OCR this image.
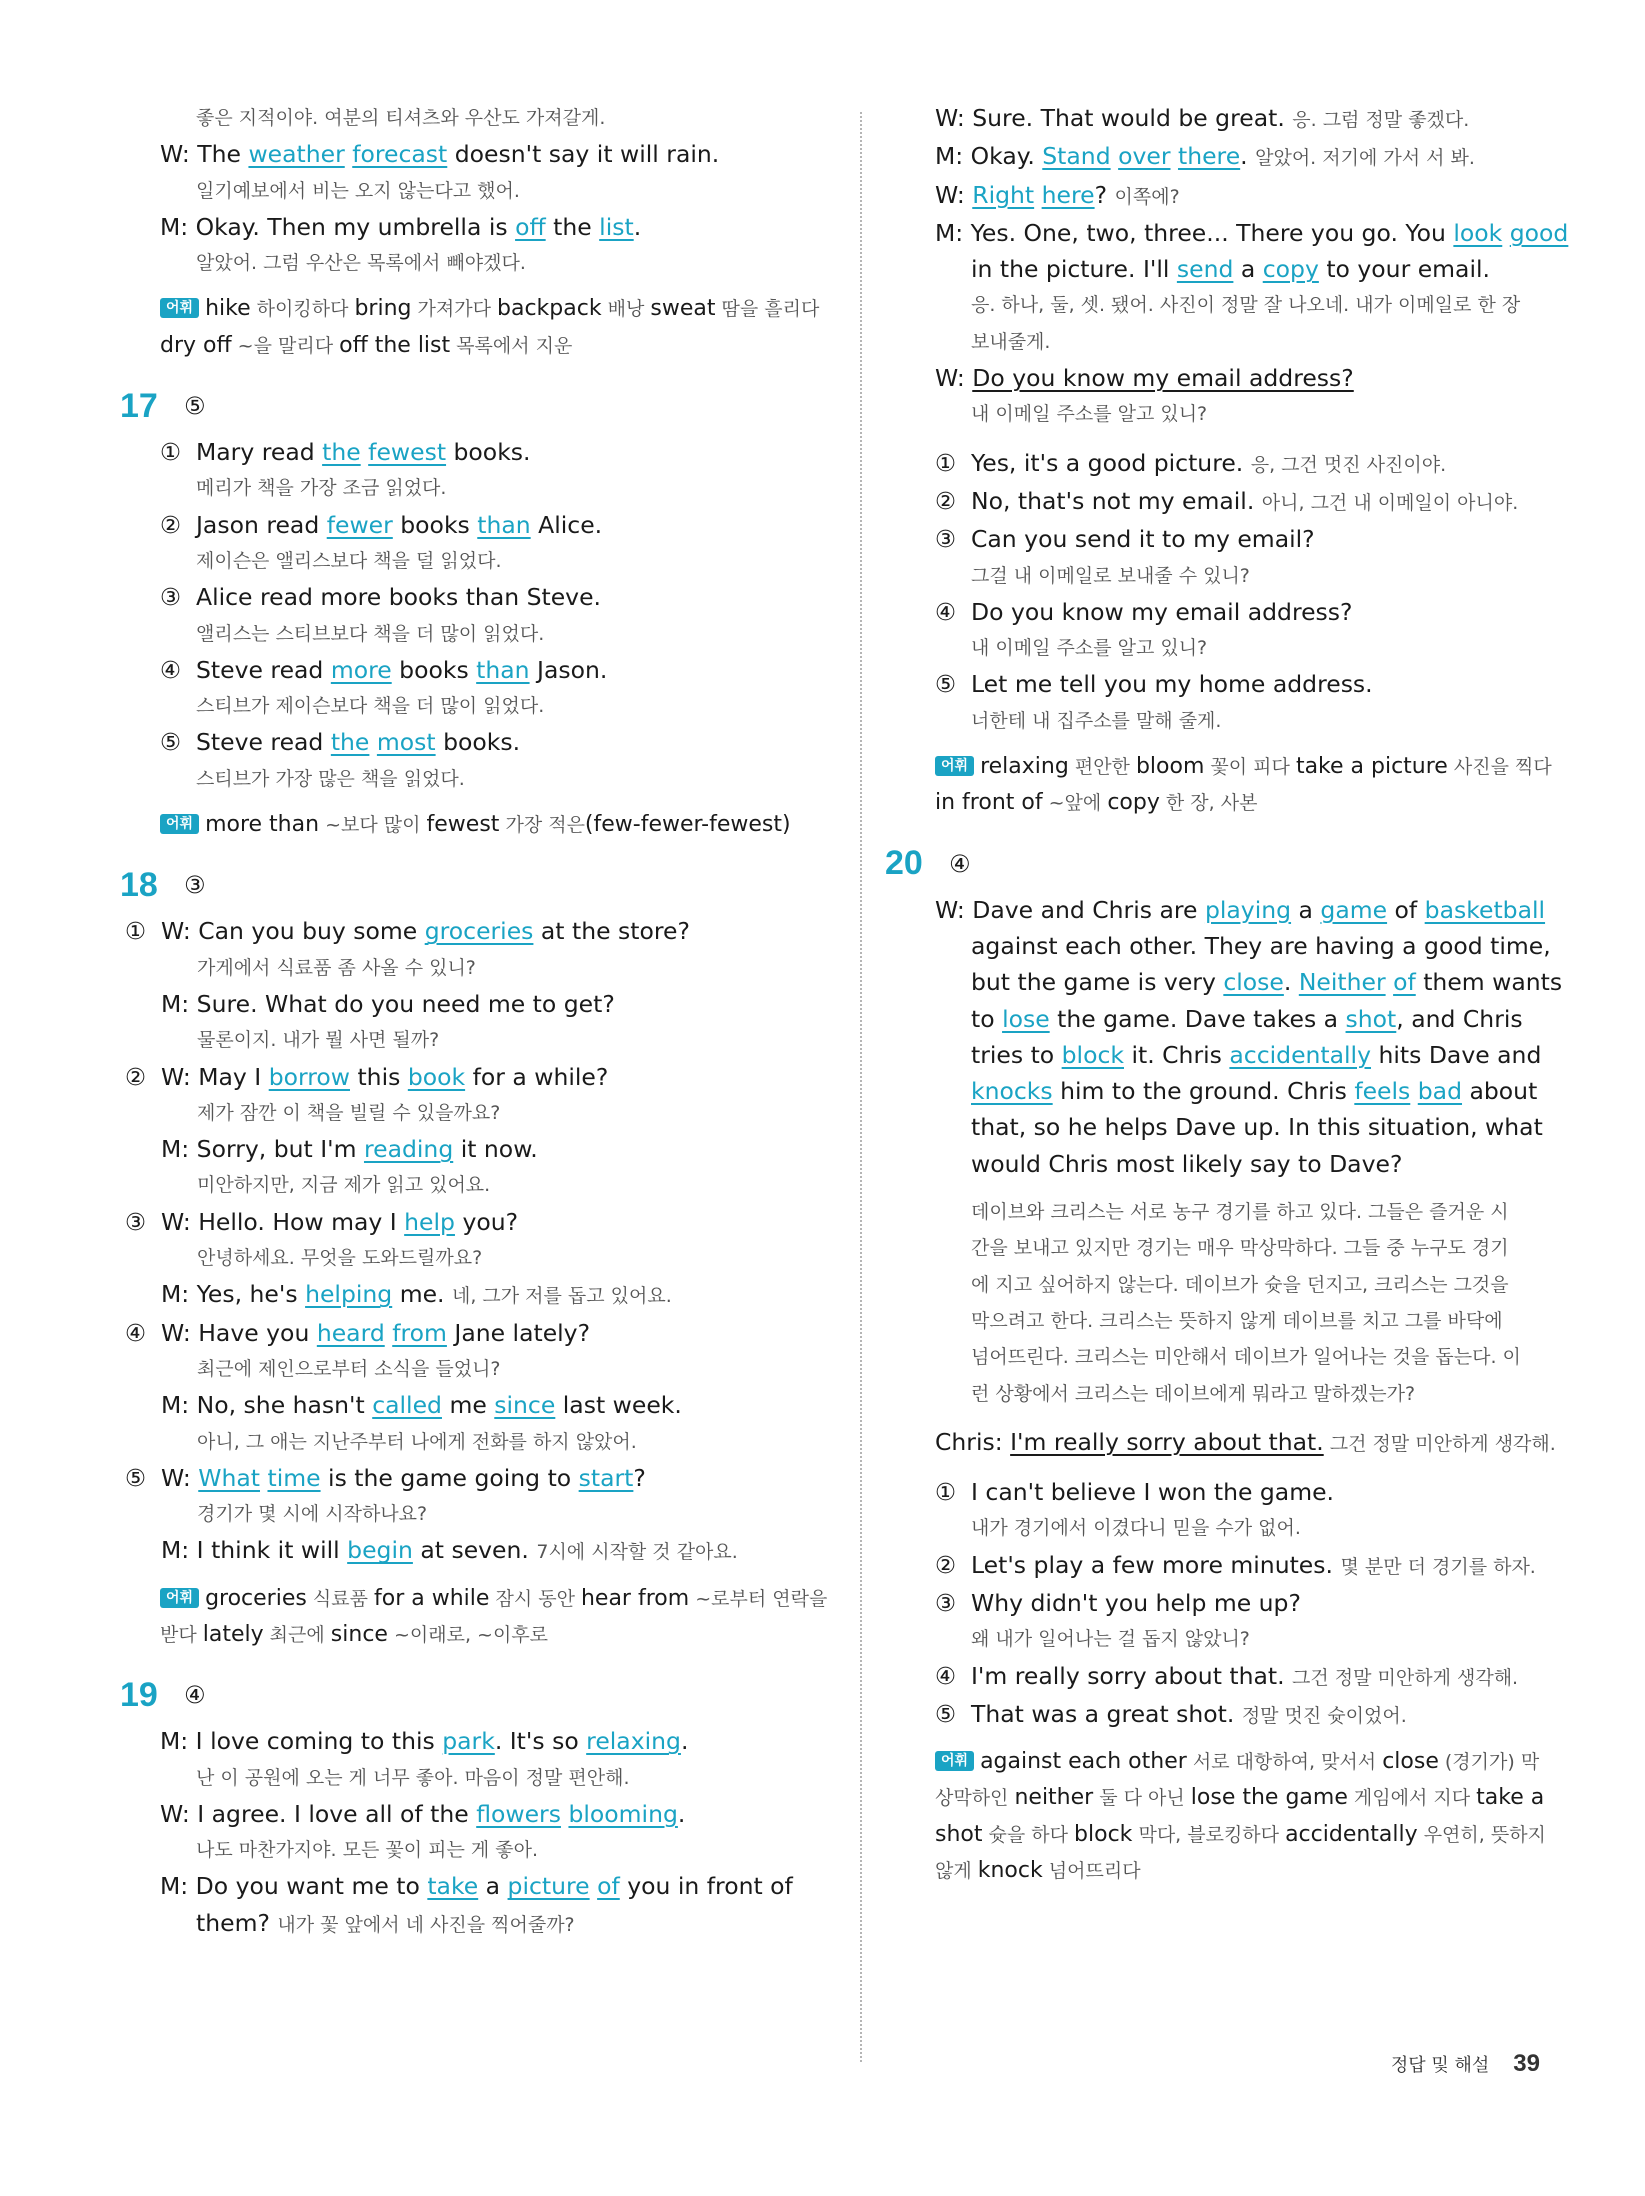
좋은 지적이야. 여분의 티셔츠와 우산도 가져갈게.
W: The weather forecast doesn't say it will rain.
일기예보에서 비는 오지 않는다고 했어.
M: Okay. Then my umbrella is off the list.
알았어. 그럼 우산은 목록에서 빼야겠다.
어휘 hike 하이킹하다 bring 가져가다 backpack 배낭 sweat 땀을 흘리다 dry off ~을 말리다 off the list 목록에서 지운
17	⑤
① Mary read the fewest books.
메리가 책을 가장 조금 읽었다.
② Jason read fewer books than Alice.
제이슨은 앨리스보다 책을 덜 읽었다.
③ Alice read more books than Steve.
앨리스는 스티브보다 책을 더 많이 읽었다.
④ Steve read more books than Jason.
스티브가 제이슨보다 책을 더 많이 읽었다.
⑤ Steve read the most books.
스티브가 가장 많은 책을 읽었다.
어휘 more than ~보다 많이 fewest 가장 적은(few-fewer-fewest)
18	③
① W: Can you buy some groceries at the store?
가게에서 식료품 좀 사올 수 있니?
M: Sure. What do you need me to get?
물론이지. 내가 뭘 사면 될까?
② W: May I borrow this book for a while?
제가 잠깐 이 책을 빌릴 수 있을까요?
M: Sorry, but I'm reading it now.
미안하지만, 지금 제가 읽고 있어요.
③ W: Hello. How may I help you?
안녕하세요. 무엇을 도와드릴까요?
M: Yes, he's helping me. 네, 그가 저를 돕고 있어요.
④ W: Have you heard from Jane lately?
최근에 제인으로부터 소식을 들었니?
M: No, she hasn't called me since last week.
아니, 그 애는 지난주부터 나에게 전화를 하지 않았어.
⑤ W: What time is the game going to start?
경기가 몇 시에 시작하나요?
M: I think it will begin at seven. 7시에 시작할 것 같아요.
어휘 groceries 식료품 for a while 잠시 동안 hear from ~로부터 연락을 받다 lately 최근에 since ~이래로, ~이후로
19	④
M: I love coming to this park. It's so relaxing.
난 이 공원에 오는 게 너무 좋아. 마음이 정말 편안해.
W: I agree. I love all of the flowers blooming.
나도 마찬가지야. 모든 꽃이 피는 게 좋아.
M: Do you want me to take a picture of you in front of
them? 내가 꽃 앞에서 네 사진을 찍어줄까?
W: Sure. That would be great. 응. 그럼 정말 좋겠다.
M: Okay. Stand over there. 알았어. 저기에 가서 서 봐.
W: Right here? 이쪽에?
M: Yes. One, two, three... There you go. You look good
in the picture. I'll send a copy to your email.
응. 하나, 둘, 셋. 됐어. 사진이 정말 잘 나오네. 내가 이메일로 한 장
보내줄게.
W: Do you know my email address?
내 이메일 주소를 알고 있니?
① Yes, it's a good picture. 응, 그건 멋진 사진이야.
② No, that's not my email. 아니, 그건 내 이메일이 아니야.
③ Can you send it to my email?
그걸 내 이메일로 보내줄 수 있니?
④ Do you know my email address?
내 이메일 주소를 알고 있니?
⑤ Let me tell you my home address.
너한테 내 집주소를 말해 줄게.
어휘 relaxing 편안한 bloom 꽃이 피다 take a picture 사진을 찍다 in front of ~앞에 copy 한 장, 사본
20	④
W: Dave and Chris are playing a game of basketball
against each other. They are having a good time,
but the game is very close. Neither of them wants
to lose the game. Dave takes a shot, and Chris
tries to block it. Chris accidentally hits Dave and
knocks him to the ground. Chris feels bad about
that, so he helps Dave up. In this situation, what
would Chris most likely say to Dave?
데이브와 크리스는 서로 농구 경기를 하고 있다. 그들은 즐거운 시
간을 보내고 있지만 경기는 매우 막상막하다. 그들 중 누구도 경기
에 지고 싶어하지 않는다. 데이브가 슛을 던지고, 크리스는 그것을
막으려고 한다. 크리스는 뜻하지 않게 데이브를 치고 그를 바닥에
넘어뜨린다. 크리스는 미안해서 데이브가 일어나는 것을 돕는다. 이
런 상황에서 크리스는 데이브에게 뭐라고 말하겠는가?
Chris: I'm really sorry about that. 그건 정말 미안하게 생각해.
① I can't believe I won the game.
내가 경기에서 이겼다니 믿을 수가 없어.
② Let's play a few more minutes. 몇 분만 더 경기를 하자.
③ Why didn't you help me up?
왜 내가 일어나는 걸 돕지 않았니?
④ I'm really sorry about that. 그건 정말 미안하게 생각해.
⑤ That was a great shot. 정말 멋진 슛이었어.
어휘 against each other 서로 대항하여, 맞서서 close (경기가) 막상막하인 neither 둘 다 아닌 lose the game 게임에서 지다 take a shot 슛을 하다 block 막다, 블로킹하다 accidentally 우연히, 뜻하지 않게 knock 넘어뜨리다
정답 및 해설 39
